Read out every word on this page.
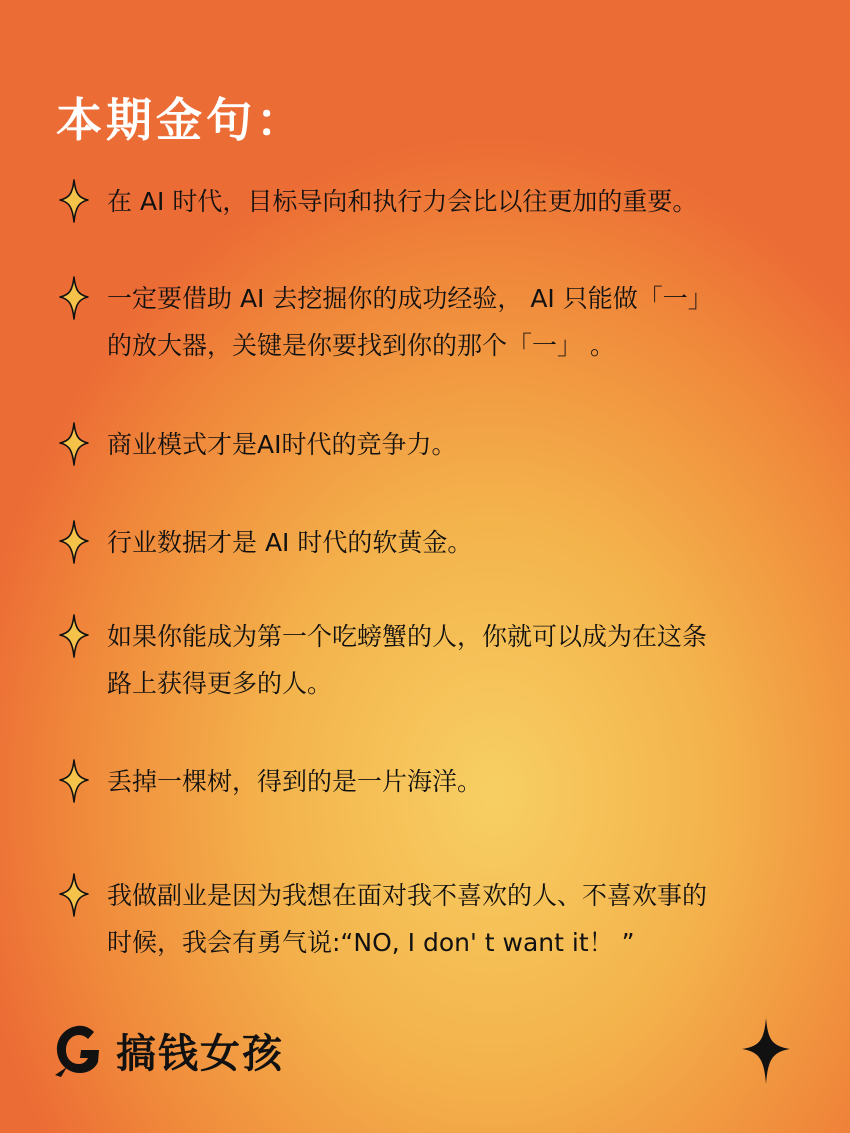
本期金句：
在 AI 时代，目标导向和执行力会比以往更加的重要。
一定要借助 AI 去挖掘你的成功经验， AI 只能做「一」
的放大器，关键是你要找到你的那个「一」 。
商业模式才是AI时代的竞争力。
行业数据才是 AI 时代的软黄金。
如果你能成为第一个吃螃蟹的人，你就可以成为在这条
路上获得更多的人。
丢掉一棵树，得到的是一片海洋。
我做副业是因为我想在面对我不喜欢的人、不喜欢事的
时候，我会有勇气说:“NO, I don' t want it！ ”
搞钱女孩
